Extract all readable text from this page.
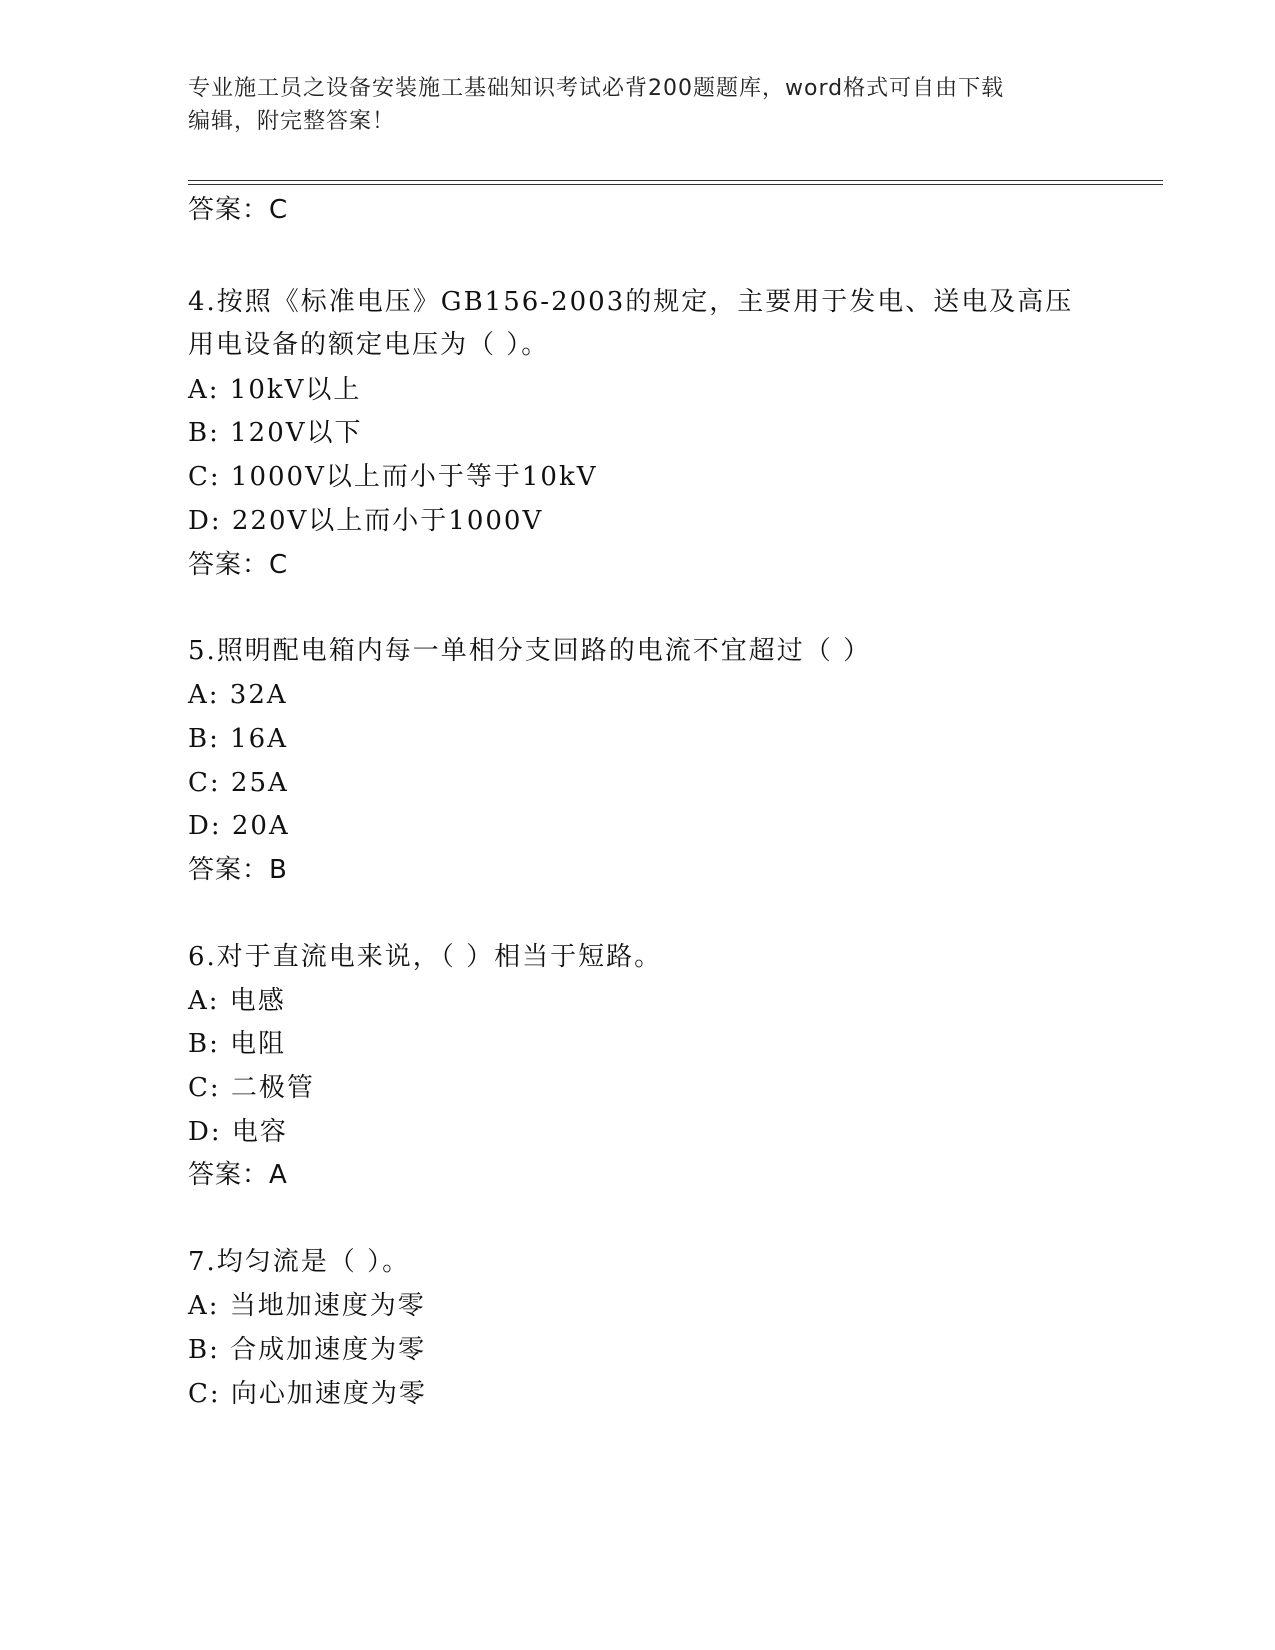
专业施工员之设备安装施工基础知识考试必背200题题库，word格式可自由下载
编辑，附完整答案！
答案：C
4.按照《标准电压》GB156-2003的规定，主要用于发电、送电及高压
用电设备的额定电压为（ ）。
A: 10kV以上
B: 120V以下
C: 1000V以上而小于等于10kV
D: 220V以上而小于1000V
答案：C
5.照明配电箱内每一单相分支回路的电流不宜超过（ ）
A: 32A
B: 16A
C: 25A
D: 20A
答案：B
6.对于直流电来说，（ ）相当于短路。
A: 电感
B: 电阻
C: 二极管
D: 电容
答案：A
7.均匀流是（ ）。
A: 当地加速度为零
B: 合成加速度为零
C: 向心加速度为零
